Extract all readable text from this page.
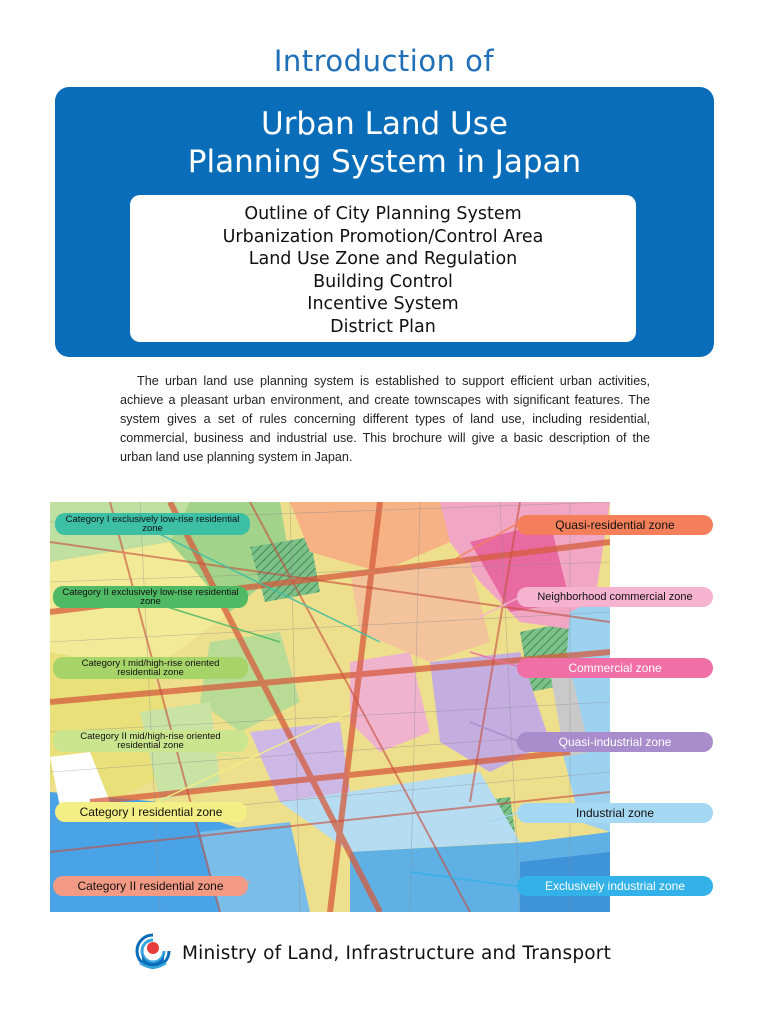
Introduction of
Urban Land Use
Planning System in Japan
Outline of City Planning System
Urbanization Promotion/Control Area
Land Use Zone and Regulation
Building Control
Incentive System
District Plan

The urban land use planning system is established to support efficient urban activities, achieve a pleasant urban environment, and create townscapes with significant features. The system gives a set of rules concerning different types of land use, including residential, commercial, business and industrial use. This brochure will give a basic description of the urban land use planning system in Japan.

Category I exclusively low-rise residential zone
Category II exclusively low-rise residential zone
Category I mid/high-rise oriented residential zone
Category II mid/high-rise oriented residential zone
Category I residential zone
Category II residential zone
Quasi-residential zone
Neighborhood commercial zone
Commercial zone
Quasi-industrial zone
Industrial zone
Exclusively industrial zone
Ministry of Land, Infrastructure and Transport
